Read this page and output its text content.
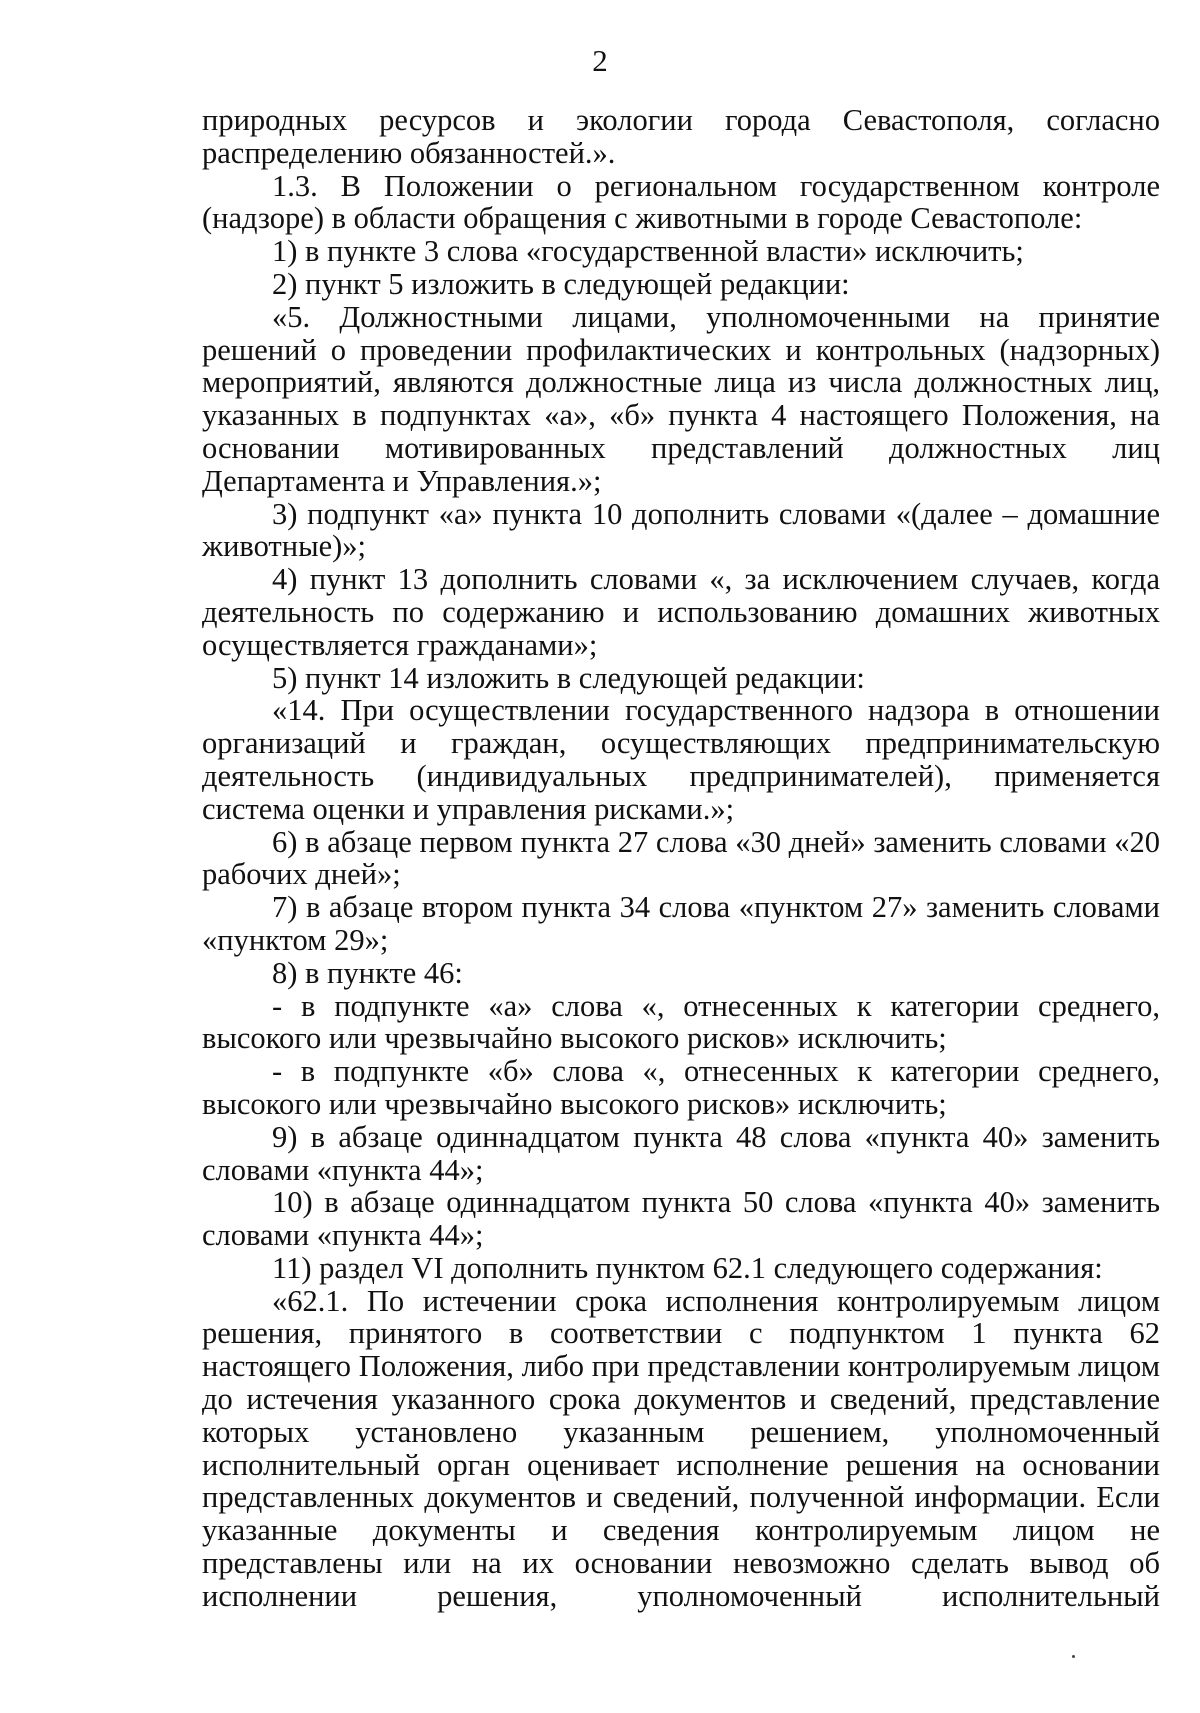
2

природных ресурсов и экологии города Севастополя, согласно распределению обязанностей.».

1.3. В Положении о региональном государственном контроле (надзоре) в области обращения с животными в городе Севастополе:

1) в пункте 3 слова «государственной власти» исключить;

2) пункт 5 изложить в следующей редакции:

«5. Должностными лицами, уполномоченными на принятие решений о проведении профилактических и контрольных (надзорных) мероприятий, являются должностные лица из числа должностных лиц, указанных в подпунктах «а», «б» пункта 4 настоящего Положения, на основании мотивированных представлений должностных лиц Департамента и Управления.»;

3) подпункт «а» пункта 10 дополнить словами «(далее – домашние животные)»;

4) пункт 13 дополнить словами «, за исключением случаев, когда деятельность по содержанию и использованию домашних животных осуществляется гражданами»;

5) пункт 14 изложить в следующей редакции:

«14. При осуществлении государственного надзора в отношении организаций и граждан, осуществляющих предпринимательскую деятельность (индивидуальных предпринимателей), применяется система оценки и управления рисками.»;

6) в абзаце первом пункта 27 слова «30 дней» заменить словами «20 рабочих дней»;

7) в абзаце втором пункта 34 слова «пунктом 27» заменить словами «пунктом 29»;

8) в пункте 46:

- в подпункте «а» слова «, отнесенных к категории среднего, высокого или чрезвычайно высокого рисков» исключить;

- в подпункте «б» слова «, отнесенных к категории среднего, высокого или чрезвычайно высокого рисков» исключить;

9) в абзаце одиннадцатом пункта 48 слова «пункта 40» заменить словами «пункта 44»;

10) в абзаце одиннадцатом пункта 50 слова «пункта 40» заменить словами «пункта 44»;

11) раздел VI дополнить пунктом 62.1 следующего содержания:

«62.1. По истечении срока исполнения контролируемым лицом решения, принятого в соответствии с подпунктом 1 пункта 62 настоящего Положения, либо при представлении контролируемым лицом до истечения указанного срока документов и сведений, представление которых установлено указанным решением, уполномоченный исполнительный орган оценивает исполнение решения на основании представленных документов и сведений, полученной информации. Если указанные документы и сведения контролируемым лицом не представлены или на их основании невозможно сделать вывод об исполнении решения, уполномоченный исполнительный
